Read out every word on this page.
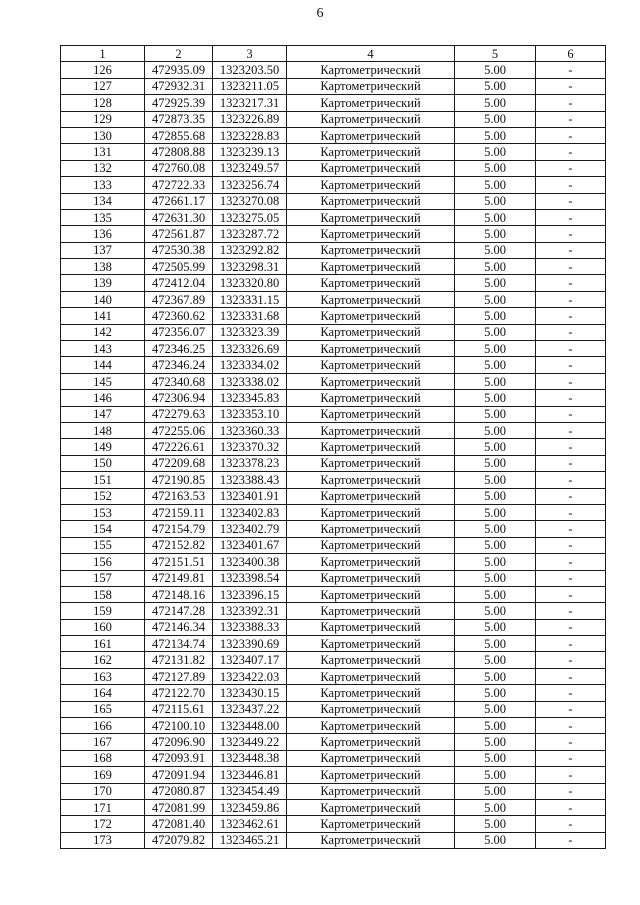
6
1	2	3	4	5	6
126	472935.09	1323203.50	Картометрический	5.00	-
127	472932.31	1323211.05	Картометрический	5.00	-
128	472925.39	1323217.31	Картометрический	5.00	-
129	472873.35	1323226.89	Картометрический	5.00	-
130	472855.68	1323228.83	Картометрический	5.00	-
131	472808.88	1323239.13	Картометрический	5.00	-
132	472760.08	1323249.57	Картометрический	5.00	-
133	472722.33	1323256.74	Картометрический	5.00	-
134	472661.17	1323270.08	Картометрический	5.00	-
135	472631.30	1323275.05	Картометрический	5.00	-
136	472561.87	1323287.72	Картометрический	5.00	-
137	472530.38	1323292.82	Картометрический	5.00	-
138	472505.99	1323298.31	Картометрический	5.00	-
139	472412.04	1323320.80	Картометрический	5.00	-
140	472367.89	1323331.15	Картометрический	5.00	-
141	472360.62	1323331.68	Картометрический	5.00	-
142	472356.07	1323323.39	Картометрический	5.00	-
143	472346.25	1323326.69	Картометрический	5.00	-
144	472346.24	1323334.02	Картометрический	5.00	-
145	472340.68	1323338.02	Картометрический	5.00	-
146	472306.94	1323345.83	Картометрический	5.00	-
147	472279.63	1323353.10	Картометрический	5.00	-
148	472255.06	1323360.33	Картометрический	5.00	-
149	472226.61	1323370.32	Картометрический	5.00	-
150	472209.68	1323378.23	Картометрический	5.00	-
151	472190.85	1323388.43	Картометрический	5.00	-
152	472163.53	1323401.91	Картометрический	5.00	-
153	472159.11	1323402.83	Картометрический	5.00	-
154	472154.79	1323402.79	Картометрический	5.00	-
155	472152.82	1323401.67	Картометрический	5.00	-
156	472151.51	1323400.38	Картометрический	5.00	-
157	472149.81	1323398.54	Картометрический	5.00	-
158	472148.16	1323396.15	Картометрический	5.00	-
159	472147.28	1323392.31	Картометрический	5.00	-
160	472146.34	1323388.33	Картометрический	5.00	-
161	472134.74	1323390.69	Картометрический	5.00	-
162	472131.82	1323407.17	Картометрический	5.00	-
163	472127.89	1323422.03	Картометрический	5.00	-
164	472122.70	1323430.15	Картометрический	5.00	-
165	472115.61	1323437.22	Картометрический	5.00	-
166	472100.10	1323448.00	Картометрический	5.00	-
167	472096.90	1323449.22	Картометрический	5.00	-
168	472093.91	1323448.38	Картометрический	5.00	-
169	472091.94	1323446.81	Картометрический	5.00	-
170	472080.87	1323454.49	Картометрический	5.00	-
171	472081.99	1323459.86	Картометрический	5.00	-
172	472081.40	1323462.61	Картометрический	5.00	-
173	472079.82	1323465.21	Картометрический	5.00	-
